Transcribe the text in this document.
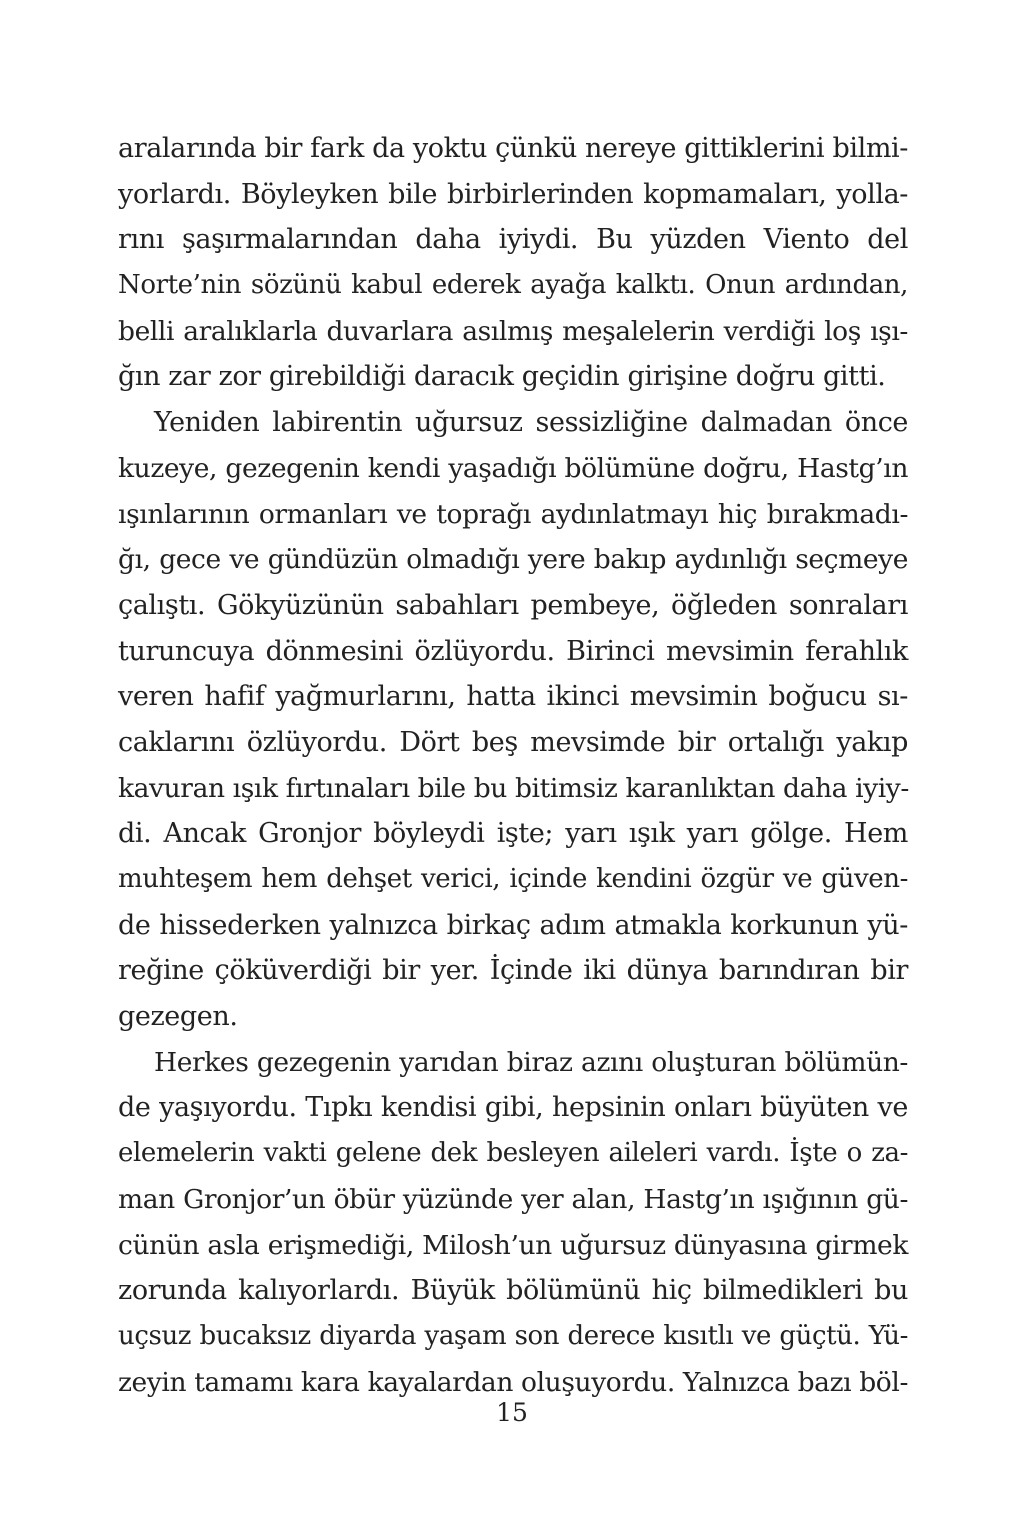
aralarında bir fark da yoktu çünkü nereye gittiklerini bilmi-
yorlardı. Böyleyken bile birbirlerinden kopmamaları, yolla-
rını şaşırmalarından daha iyiydi. Bu yüzden Viento del
Norte’nin sözünü kabul ederek ayağa kalktı. Onun ardından,
belli aralıklarla duvarlara asılmış meşalelerin verdiği loş ışı-
ğın zar zor girebildiği daracık geçidin girişine doğru gitti.
Yeniden labirentin uğursuz sessizliğine dalmadan önce
kuzeye, gezegenin kendi yaşadığı bölümüne doğru, Hastg’ın
ışınlarının ormanları ve toprağı aydınlatmayı hiç bırakmadı-
ğı, gece ve gündüzün olmadığı yere bakıp aydınlığı seçmeye
çalıştı. Gökyüzünün sabahları pembeye, öğleden sonraları
turuncuya dönmesini özlüyordu. Birinci mevsimin ferahlık
veren hafif yağmurlarını, hatta ikinci mevsimin boğucu sı-
caklarını özlüyordu. Dört beş mevsimde bir ortalığı yakıp
kavuran ışık fırtınaları bile bu bitimsiz karanlıktan daha iyiy-
di. Ancak Gronjor böyleydi işte; yarı ışık yarı gölge. Hem
muhteşem hem dehşet verici, içinde kendini özgür ve güven-
de hissederken yalnızca birkaç adım atmakla korkunun yü-
reğine çöküverdiği bir yer. İçinde iki dünya barındıran bir
gezegen.
Herkes gezegenin yarıdan biraz azını oluşturan bölümün-
de yaşıyordu. Tıpkı kendisi gibi, hepsinin onları büyüten ve
elemelerin vakti gelene dek besleyen aileleri vardı. İşte o za-
man Gronjor’un öbür yüzünde yer alan, Hastg’ın ışığının gü-
cünün asla erişmediği, Milosh’un uğursuz dünyasına girmek
zorunda kalıyorlardı. Büyük bölümünü hiç bilmedikleri bu
uçsuz bucaksız diyarda yaşam son derece kısıtlı ve güçtü. Yü-
zeyin tamamı kara kayalardan oluşuyordu. Yalnızca bazı böl-
15
